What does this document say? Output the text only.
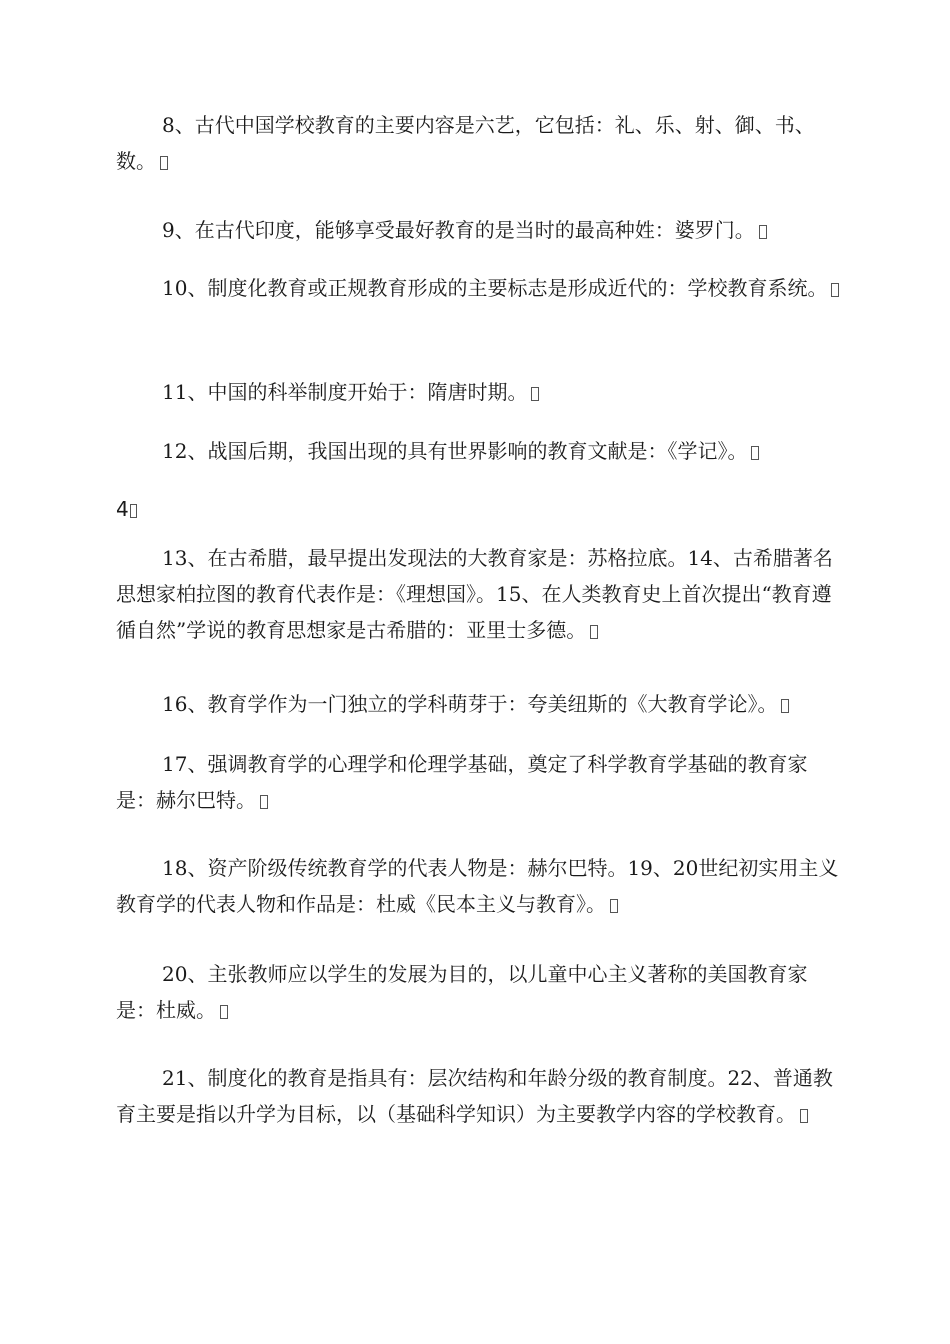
8、古代中国学校教育的主要内容是六艺，它包括：礼、乐、射、御、书、数。

9、在古代印度，能够享受最好教育的是当时的最高种姓：婆罗门。

10、制度化教育或正规教育形成的主要标志是形成近代的：学校教育系统。

11、中国的科举制度开始于：隋唐时期。

12、战国后期，我国出现的具有世界影响的教育文献是：《学记》。

4

13、在古希腊，最早提出发现法的大教育家是：苏格拉底。14、古希腊著名思想家柏拉图的教育代表作是：《理想国》。15、在人类教育史上首次提出“教育遵循自然”学说的教育思想家是古希腊的：亚里士多德。

16、教育学作为一门独立的学科萌芽于：夸美纽斯的《大教育学论》。

17、强调教育学的心理学和伦理学基础，奠定了科学教育学基础的教育家是：赫尔巴特。

18、资产阶级传统教育学的代表人物是：赫尔巴特。19、20世纪初实用主义教育学的代表人物和作品是：杜威《民本主义与教育》。

20、主张教师应以学生的发展为目的，以儿童中心主义著称的美国教育家是：杜威。

21、制度化的教育是指具有：层次结构和年龄分级的教育制度。22、普通教育主要是指以升学为目标，以（基础科学知识）为主要教学内容的学校教育。
